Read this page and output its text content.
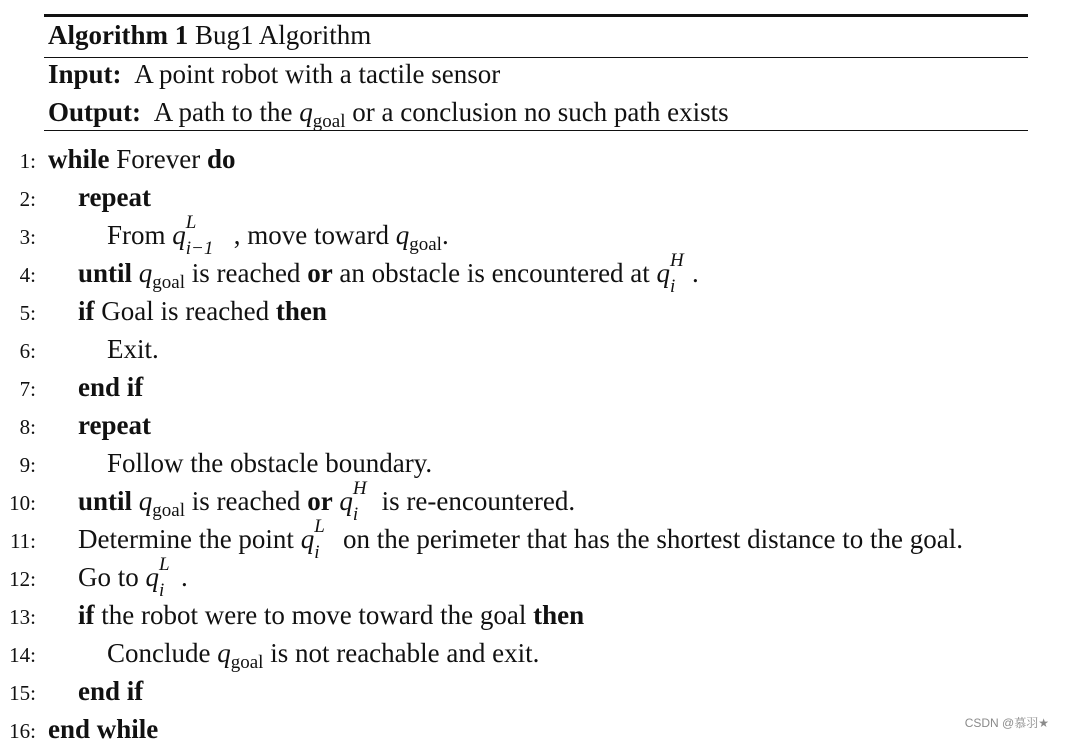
Algorithm 1 Bug1 Algorithm
Input: A point robot with a tactile sensor
Output: A path to the $q_{goal}$ or a conclusion no such path exists
1: while Forever do
2: repeat
3:	From q L
i−1 , move toward $q_{goal}$.
4: until $q_{goal}$ is reached or an obstacle is encountered at q H
i .
5: if Goal is reached then
6:	Exit.
7: end if
8: repeat
9:	Follow the obstacle boundary.
10: until $q_{goal}$ is reached or q H
i is re-encountered.
11: Determine the point q L
i on the perimeter that has the shortest distance to the goal.
12: Go to q L
i .
13: if the robot were to move toward the goal then
14:	Conclude $q_{goal}$ is not reachable and exit.
15: end if
16: end while	CSDN @慕羽★
